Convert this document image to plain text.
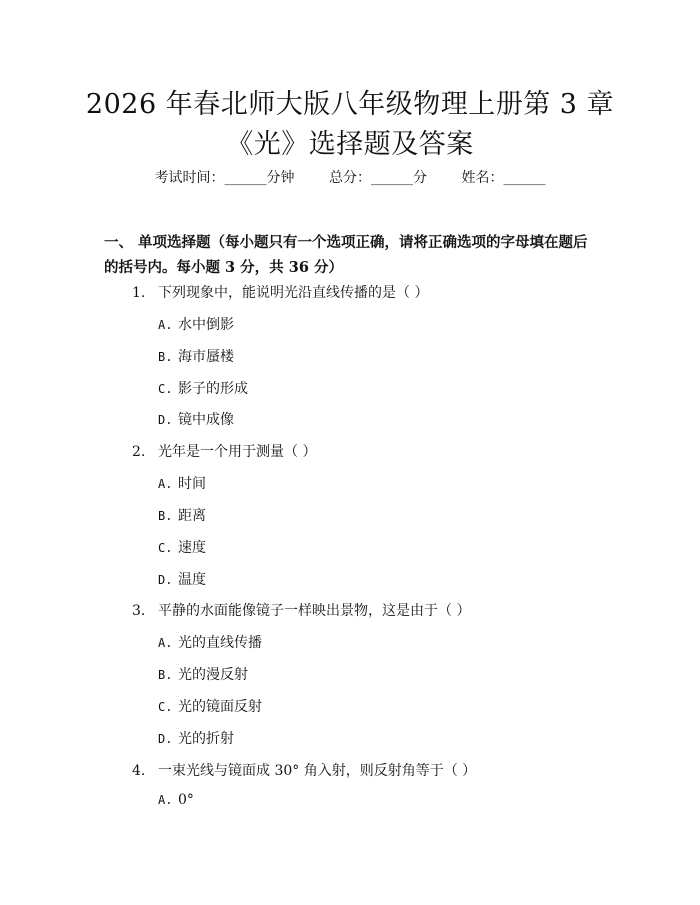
2026 年春北师大版八年级物理上册第 3 章
《光》选择题及答案
考试时间：______分钟 总分：______分 姓名：______
一、 单项选择题（每小题只有一个选项正确，请将正确选项的字母填在题后的括号内。每小题 3 分，共 36 分）
1. 下列现象中，能说明光沿直线传播的是（ ）
A. 水中倒影
B. 海市蜃楼
C. 影子的形成
D. 镜中成像
2. 光年是一个用于测量（ ）
A. 时间
B. 距离
C. 速度
D. 温度
3. 平静的水面能像镜子一样映出景物，这是由于（ ）
A. 光的直线传播
B. 光的漫反射
C. 光的镜面反射
D. 光的折射
4. 一束光线与镜面成 30° 角入射，则反射角等于（ ）
A. 0°
